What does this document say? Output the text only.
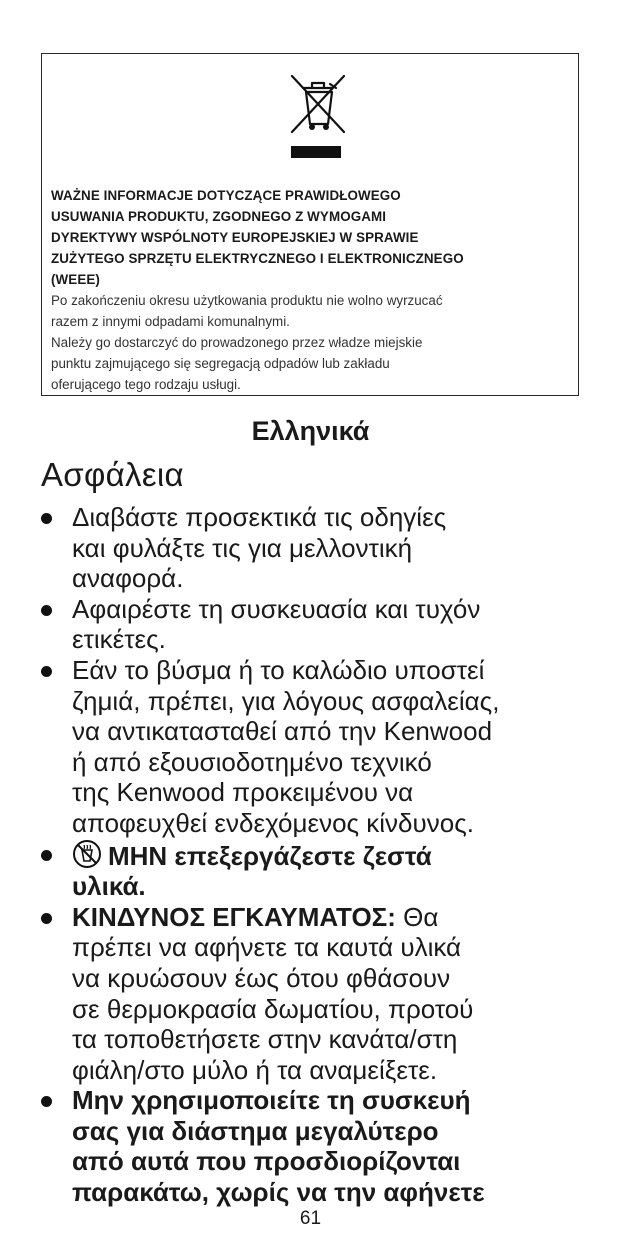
WAŻNE INFORMACJE DOTYCZĄCE PRAWIDŁOWEGO
USUWANIA PRODUKTU, ZGODNEGO Z WYMOGAMI
DYREKTYWY WSPÓLNOTY EUROPEJSKIEJ W SPRAWIE
ZUŻYTEGO SPRZĘTU ELEKTRYCZNEGO I ELEKTRONICZNEGO
(WEEE)
Po zakończeniu okresu użytkowania produktu nie wolno wyrzucać
razem z innymi odpadami komunalnymi.
Należy go dostarczyć do prowadzonego przez władze miejskie
punktu zajmującego się segregacją odpadów lub zakładu
oferującego tego rodzaju usługi.
Ελληνικά
Ασφάλεια
Διαβάστε προσεκτικά τις οδηγίες
και φυλάξτε τις για μελλοντική
αναφορά.
Αφαιρέστε τη συσκευασία και τυχόν
ετικέτες.
Εάν το βύσμα ή το καλώδιο υποστεί
ζημιά, πρέπει, για λόγους ασφαλείας,
να αντικατασταθεί από την Kenwood
ή από εξουσιοδοτημένο τεχνικό
της Kenwood προκειμένου να
αποφευχθεί ενδεχόμενος κίνδυνος.
ΜΗΝ επεξεργάζεστε ζεστά
υλικά.
ΚΙΝΔΥΝΟΣ ΕΓΚΑΥΜΑΤΟΣ: Θα
πρέπει να αφήνετε τα καυτά υλικά
να κρυώσουν έως ότου φθάσουν
σε θερμοκρασία δωματίου, προτού
τα τοποθετήσετε στην κανάτα/στη
φιάλη/στο μύλο ή τα αναμείξετε.
Μην χρησιμοποιείτε τη συσκευή
σας για διάστημα μεγαλύτερο
από αυτά που προσδιορίζονται
παρακάτω, χωρίς να την αφήνετε
61
